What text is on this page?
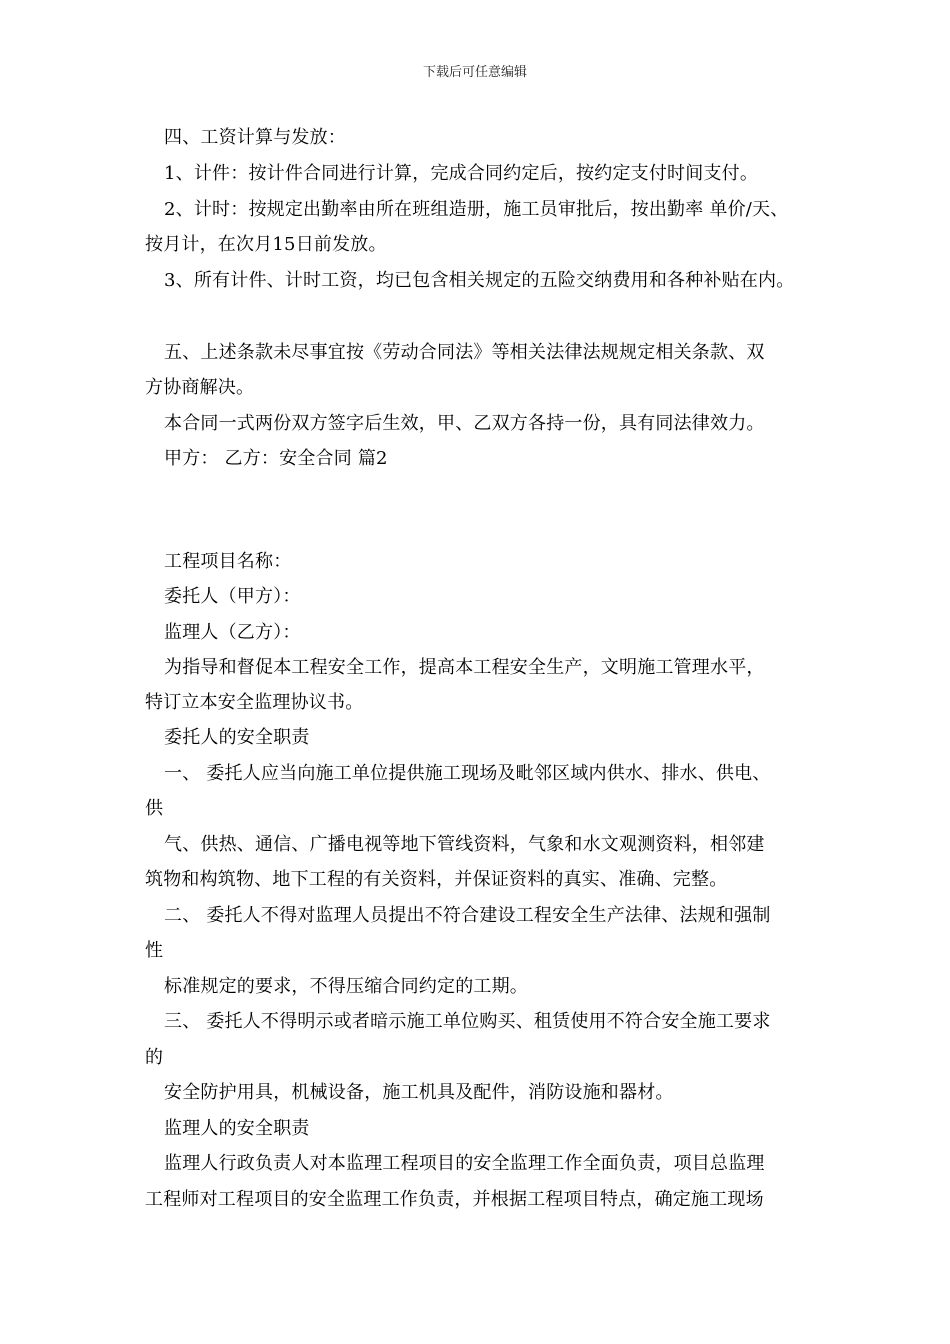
下载后可任意编辑
四、工资计算与发放：
1、计件：按计件合同进行计算，完成合同约定后，按约定支付时间支付。
2、计时：按规定出勤率由所在班组造册，施工员审批后，按出勤率 单价/天、
按月计，在次月15日前发放。
3、所有计件、计时工资，均已包含相关规定的五险交纳费用和各种补贴在内。
五、上述条款未尽事宜按《劳动合同法》等相关法律法规规定相关条款、双
方协商解决。
本合同一式两份双方签字后生效，甲、乙双方各持一份，具有同法律效力。
甲方： 乙方：安全合同 篇2
工程项目名称：
委托人（甲方）：
监理人（乙方）：
为指导和督促本工程安全工作，提高本工程安全生产，文明施工管理水平，
特订立本安全监理协议书。
委托人的安全职责
一、 委托人应当向施工单位提供施工现场及毗邻区域内供水、排水、供电、
供
气、供热、通信、广播电视等地下管线资料，气象和水文观测资料，相邻建
筑物和构筑物、地下工程的有关资料，并保证资料的真实、准确、完整。
二、 委托人不得对监理人员提出不符合建设工程安全生产法律、法规和强制
性
标准规定的要求，不得压缩合同约定的工期。
三、 委托人不得明示或者暗示施工单位购买、租赁使用不符合安全施工要求
的
安全防护用具，机械设备，施工机具及配件，消防设施和器材。
监理人的安全职责
监理人行政负责人对本监理工程项目的安全监理工作全面负责，项目总监理
工程师对工程项目的安全监理工作负责，并根据工程项目特点，确定施工现场
